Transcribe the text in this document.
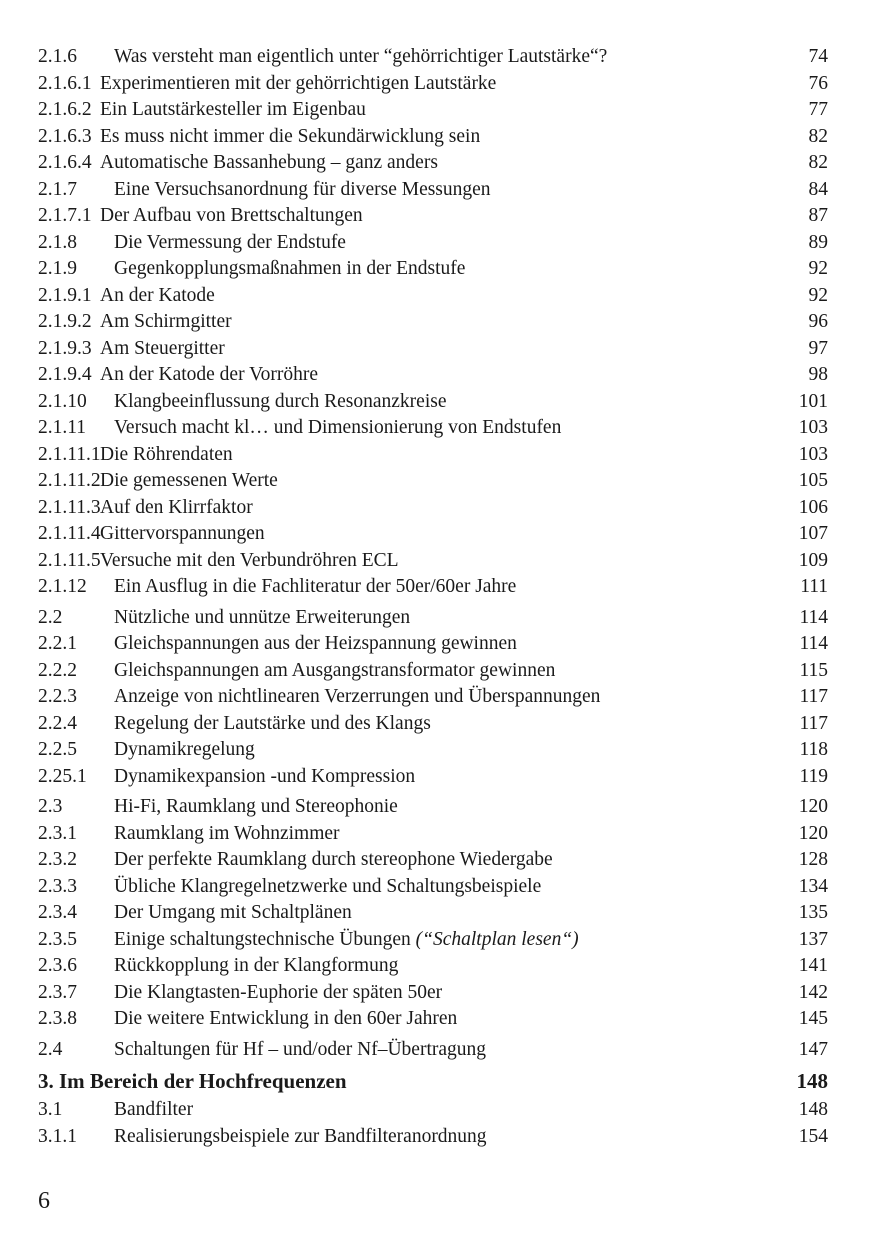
2.1.6 Was versteht man eigentlich unter “gehörrichtiger Lautstärke“?	74
2.1.6.1 Experimentieren mit der gehörrichtigen Lautstärke	76
2.1.6.2 Ein Lautstärkesteller im Eigenbau	77
2.1.6.3 Es muss nicht immer die Sekundärwicklung sein	82
2.1.6.4 Automatische Bassanhebung – ganz anders	82
2.1.7 Eine Versuchsanordnung für diverse Messungen	84
2.1.7.1 Der Aufbau von Brettschaltungen	87
2.1.8 Die Vermessung der Endstufe	89
2.1.9 Gegenkopplungsmaßnahmen in der Endstufe	92
2.1.9.1 An der Katode	92
2.1.9.2 Am Schirmgitter	96
2.1.9.3 Am Steuergitter	97
2.1.9.4 An der Katode der Vorröhre	98
2.1.10 Klangbeeinflussung durch Resonanzkreise	101
2.1.11 Versuch macht kl… und Dimensionierung von Endstufen	103
2.1.11.1 Die Röhrendaten	103
2.1.11.2 Die gemessenen Werte	105
2.1.11.3 Auf den Klirrfaktor	106
2.1.11.4 Gittervorspannungen	107
2.1.11.5 Versuche mit den Verbundröhren ECL	109
2.1.12 Ein Ausflug in die Fachliteratur der 50er/60er Jahre	111
2.2	Nützliche und unnütze Erweiterungen	114
2.2.1 Gleichspannungen aus der Heizspannung gewinnen	114
2.2.2 Gleichspannungen am Ausgangstransformator gewinnen	115
2.2.3 Anzeige von nichtlinearen Verzerrungen und Überspannungen	117
2.2.4 Regelung der Lautstärke und des Klangs	117
2.2.5 Dynamikregelung	118
2.25.1 Dynamikexpansion -und Kompression	119
2.3	Hi-Fi, Raumklang und Stereophonie	120
2.3.1 Raumklang im Wohnzimmer	120
2.3.2 Der perfekte Raumklang durch stereophone Wiedergabe	128
2.3.3 Übliche Klangregelnetzwerke und Schaltungsbeispiele	134
2.3.4 Der Umgang mit Schaltplänen	135
2.3.5 Einige schaltungstechnische Übungen (“Schaltplan lesen“)	137
2.3.6 Rückkopplung in der Klangformung	141
2.3.7 Die Klangtasten-Euphorie der späten 50er	142
2.3.8 Die weitere Entwicklung in den 60er Jahren	145
2.4	Schaltungen für Hf – und/oder Nf–Übertragung	147
3. Im Bereich der Hochfrequenzen	148
3.1	Bandfilter	148
3.1.1 Realisierungsbeispiele zur Bandfilteranordnung	154
6
